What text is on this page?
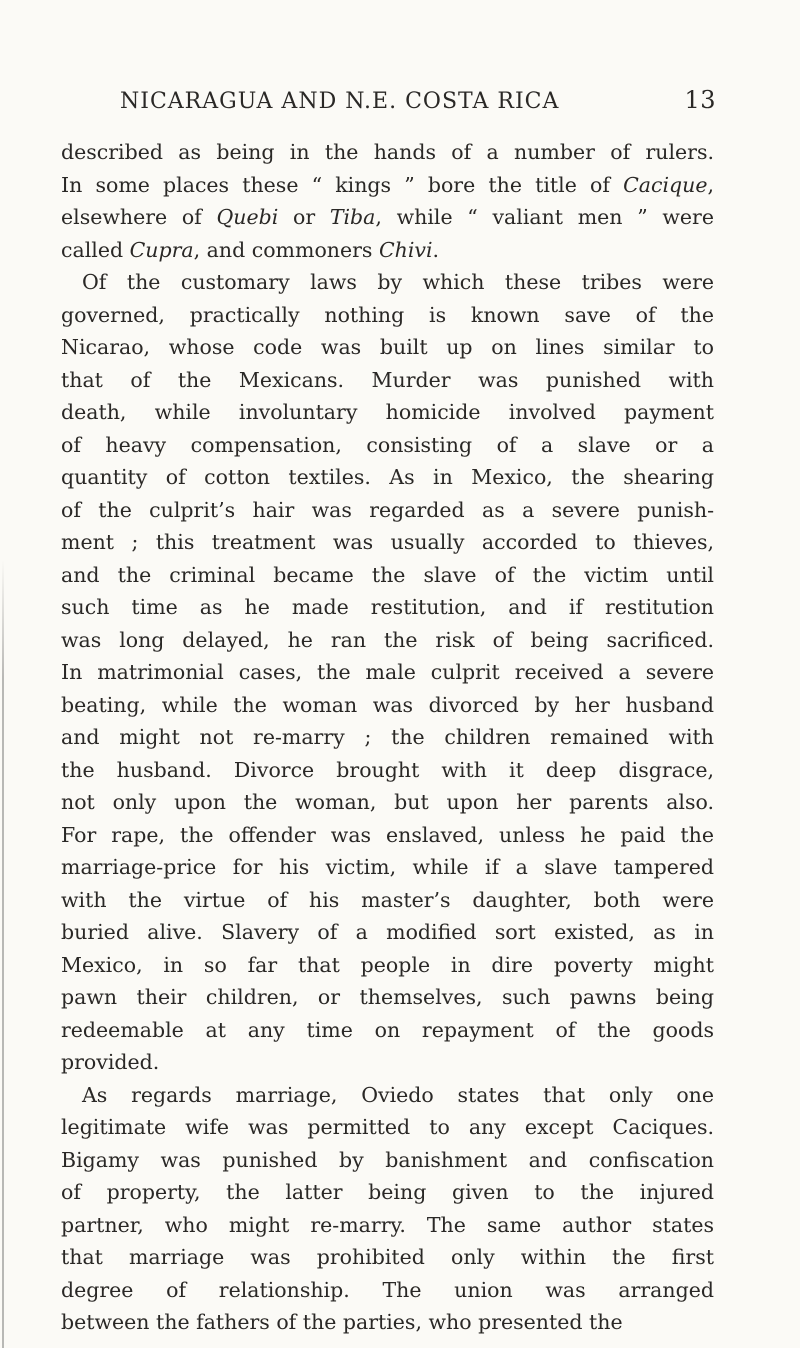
NICARAGUA AND N.E. COSTA RICA	13
described as being in the hands of a number of rulers.
In some places these “ kings ” bore the title of Cacique,
elsewhere of Quebi or Tiba, while “ valiant men ” were
called Cupra, and commoners Chivi.
Of the customary laws by which these tribes were
governed, practically nothing is known save of the
Nicarao, whose code was built up on lines similar to
that of the Mexicans. Murder was punished with
death, while involuntary homicide involved payment
of heavy compensation, consisting of a slave or a
quantity of cotton textiles. As in Mexico, the shearing
of the culprit’s hair was regarded as a severe punish-
ment ; this treatment was usually accorded to thieves,
and the criminal became the slave of the victim until
such time as he made restitution, and if restitution
was long delayed, he ran the risk of being sacrificed.
In matrimonial cases, the male culprit received a severe
beating, while the woman was divorced by her husband
and might not re-marry ; the children remained with
the husband. Divorce brought with it deep disgrace,
not only upon the woman, but upon her parents also.
For rape, the offender was enslaved, unless he paid the
marriage-price for his victim, while if a slave tampered
with the virtue of his master’s daughter, both were
buried alive. Slavery of a modified sort existed, as in
Mexico, in so far that people in dire poverty might
pawn their children, or themselves, such pawns being
redeemable at any time on repayment of the goods
provided.
As regards marriage, Oviedo states that only one
legitimate wife was permitted to any except Caciques.
Bigamy was punished by banishment and confiscation
of property, the latter being given to the injured
partner, who might re-marry. The same author states
that marriage was prohibited only within the first
degree of relationship. The union was arranged
between the fathers of the parties, who presented the
